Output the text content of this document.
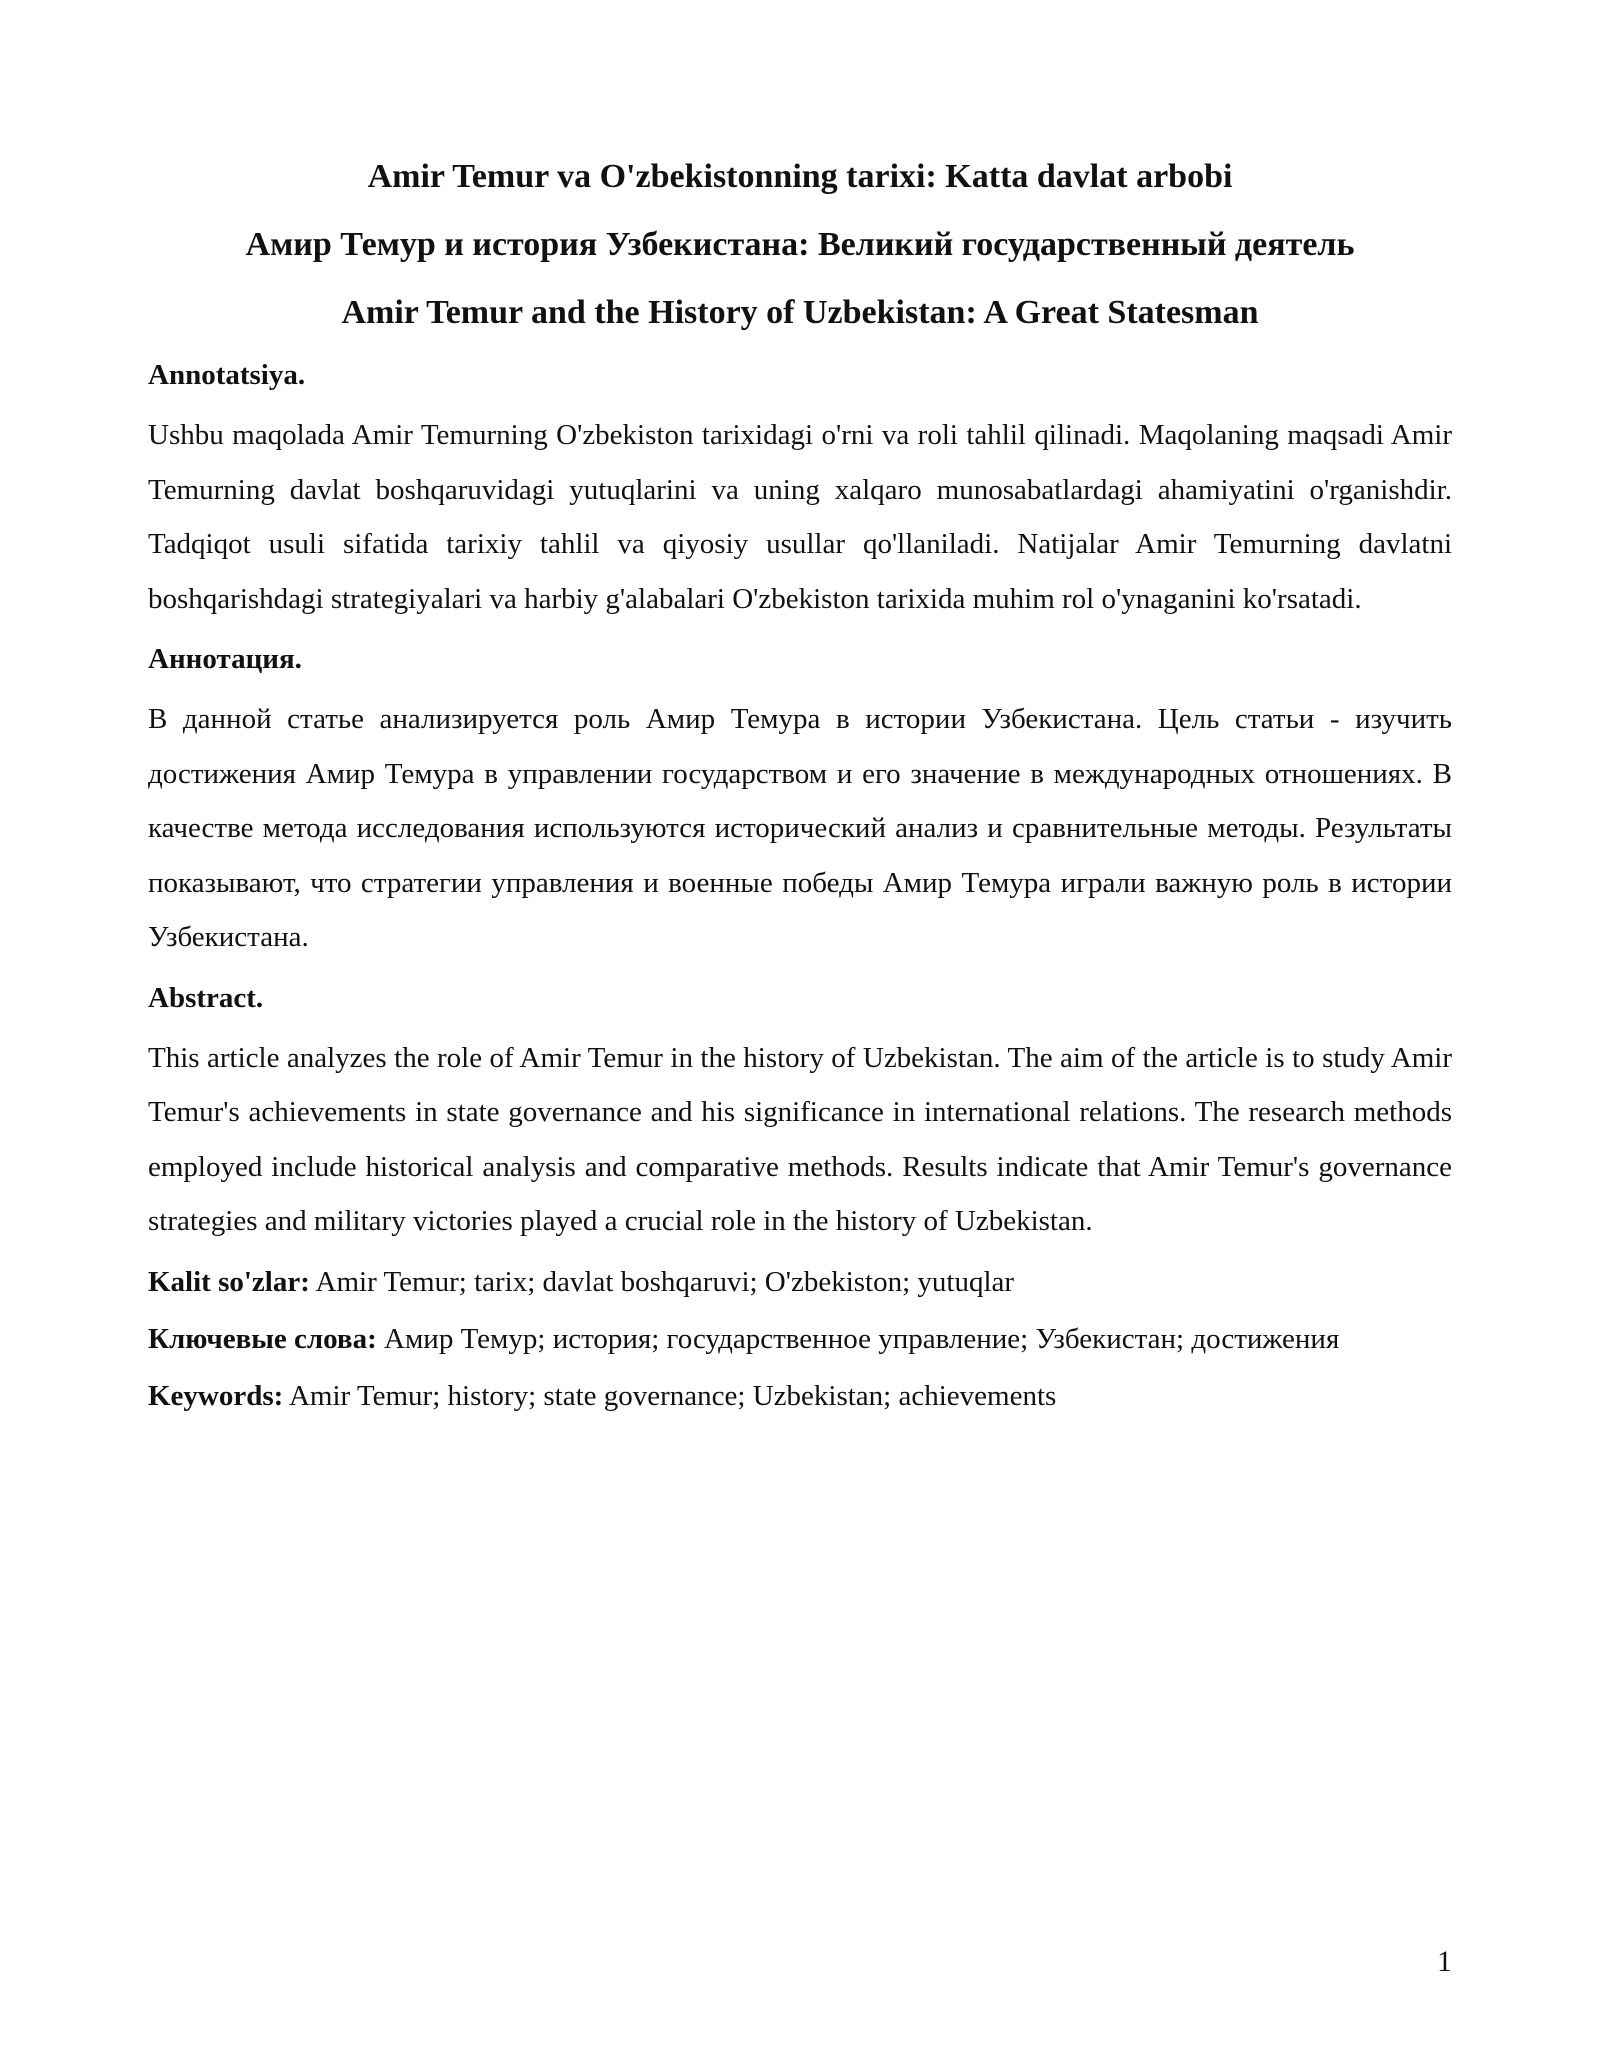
Amir Temur va O'zbekistonning tarixi: Katta davlat arbobi

Амир Темур и история Узбекистана: Великий государственный деятель

Amir Temur and the History of Uzbekistan: A Great Statesman

Annotatsiya.

Ushbu maqolada Amir Temurning O'zbekiston tarixidagi o'rni va roli tahlil qilinadi. Maqolaning maqsadi Amir Temurning davlat boshqaruvidagi yutuqlarini va uning xalqaro munosabatlardagi ahamiyatini o'rganishdir. Tadqiqot usuli sifatida tarixiy tahlil va qiyosiy usullar qo'llaniladi. Natijalar Amir Temurning davlatni boshqarishdagi strategiyalari va harbiy g'alabalari O'zbekiston tarixida muhim rol o'ynaganini ko'rsatadi.

Аннотация.

В данной статье анализируется роль Амир Темура в истории Узбекистана. Цель статьи - изучить достижения Амир Темура в управлении государством и его значение в международных отношениях. В качестве метода исследования используются исторический анализ и сравнительные методы. Результаты показывают, что стратегии управления и военные победы Амир Темура играли важную роль в истории Узбекистана.

Abstract.

This article analyzes the role of Amir Temur in the history of Uzbekistan. The aim of the article is to study Amir Temur's achievements in state governance and his significance in international relations. The research methods employed include historical analysis and comparative methods. Results indicate that Amir Temur's governance strategies and military victories played a crucial role in the history of Uzbekistan.

Kalit so'zlar: Amir Temur; tarix; davlat boshqaruvi; O'zbekiston; yutuqlar

Ключевые слова: Амир Темур; история; государственное управление; Узбекистан; достижения

Keywords: Amir Temur; history; state governance; Uzbekistan; achievements

1
